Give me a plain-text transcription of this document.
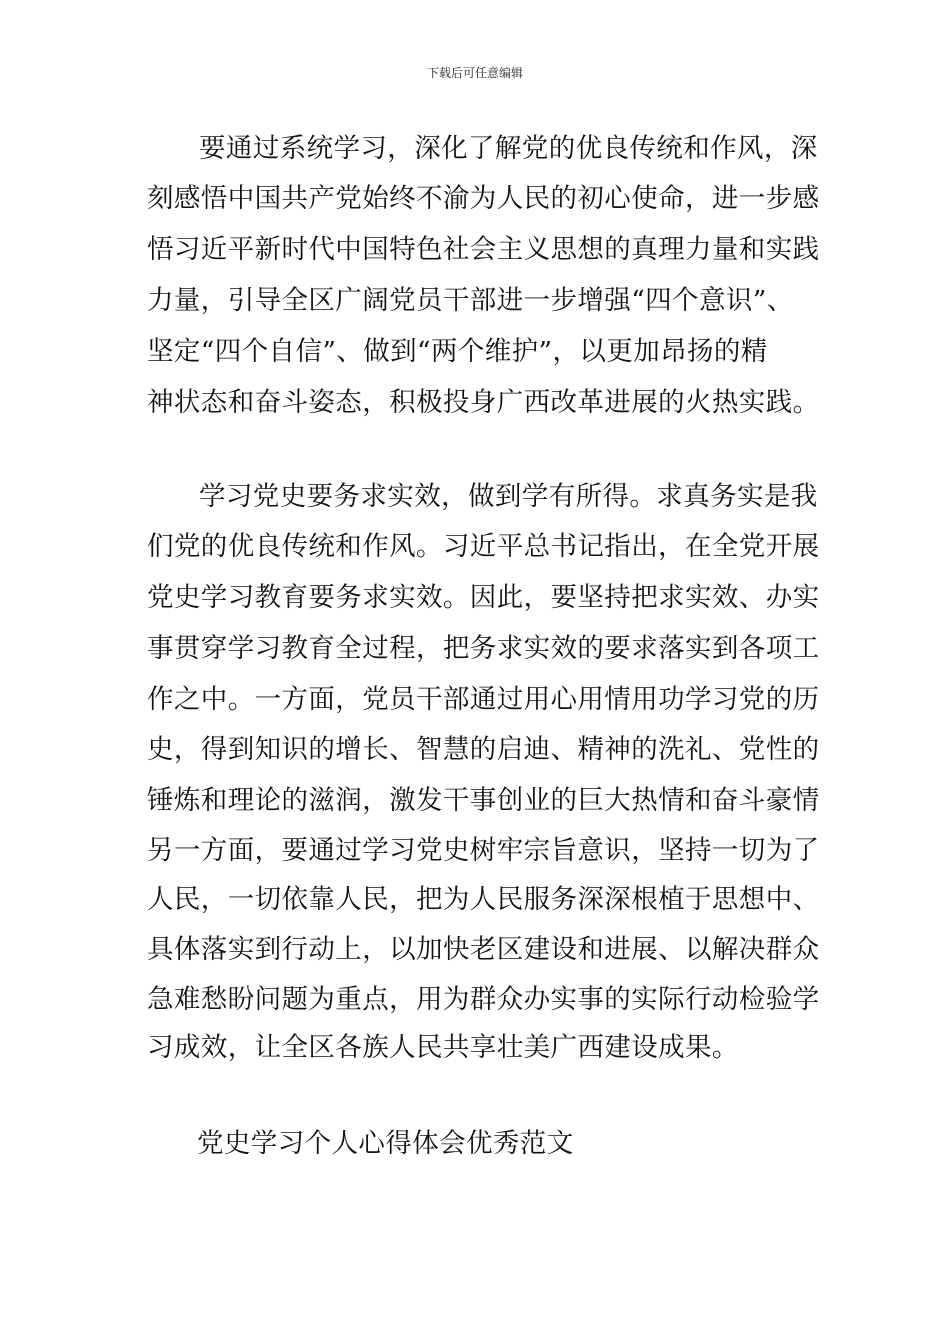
下载后可任意编辑
要通过系统学习，深化了解党的优良传统和作风，深
刻感悟中国共产党始终不渝为人民的初心使命，进一步感
悟习近平新时代中国特色社会主义思想的真理力量和实践
力量，引导全区广阔党员干部进一步增强“四个意识”、
坚定“四个自信”、做到“两个维护”，以更加昂扬的精
神状态和奋斗姿态，积极投身广西改革进展的火热实践。
学习党史要务求实效，做到学有所得。求真务实是我
们党的优良传统和作风。习近平总书记指出，在全党开展
党史学习教育要务求实效。因此，要坚持把求实效、办实
事贯穿学习教育全过程，把务求实效的要求落实到各项工
作之中。一方面，党员干部通过用心用情用功学习党的历
史，得到知识的增长、智慧的启迪、精神的洗礼、党性的
锤炼和理论的滋润，激发干事创业的巨大热情和奋斗豪情
另一方面，要通过学习党史树牢宗旨意识，坚持一切为了
人民，一切依靠人民，把为人民服务深深根植于思想中、
具体落实到行动上，以加快老区建设和进展、以解决群众
急难愁盼问题为重点，用为群众办实事的实际行动检验学
习成效，让全区各族人民共享壮美广西建设成果。
党史学习个人心得体会优秀范文
